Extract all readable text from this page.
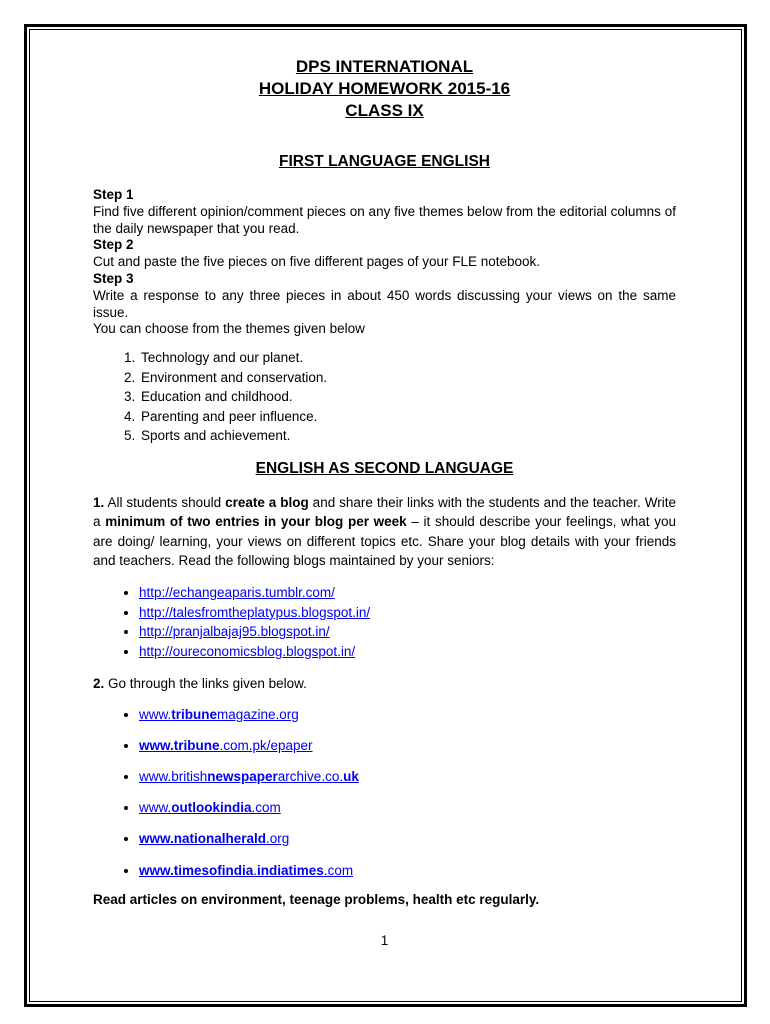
DPS INTERNATIONAL
HOLIDAY HOMEWORK 2015-16
CLASS IX
FIRST LANGUAGE ENGLISH
Step 1
Find five different opinion/comment pieces on any five themes below from the editorial columns of the daily newspaper that you read.
Step 2
Cut and paste the five pieces on five different pages of your FLE notebook.
Step 3
Write a response to any three pieces in about 450 words discussing your views on the same issue.
You can choose from the themes given below
1. Technology and our planet.
2. Environment and conservation.
3. Education and childhood.
4. Parenting and peer influence.
5. Sports and achievement.
ENGLISH AS SECOND LANGUAGE
1. All students should create a blog and share their links with the students and the teacher. Write a minimum of two entries in your blog per week – it should describe your feelings, what you are doing/ learning, your views on different topics etc. Share your blog details with your friends and teachers. Read the following blogs maintained by your seniors:
• http://echangeaparis.tumblr.com/
• http://talesfromtheplatypus.blogspot.in/
• http://pranjalbajaj95.blogspot.in/
• http://oureconomicsblog.blogspot.in/
2. Go through the links given below.
• www.tribunemagazine.org
• www.tribune.com.pk/epaper
• www.britishnewspaperarchive.co.uk
• www.outlookindia.com
• www.nationalherald.org
• www.timesofindia.indiatimes.com
Read articles on environment, teenage problems, health etc regularly.
1
